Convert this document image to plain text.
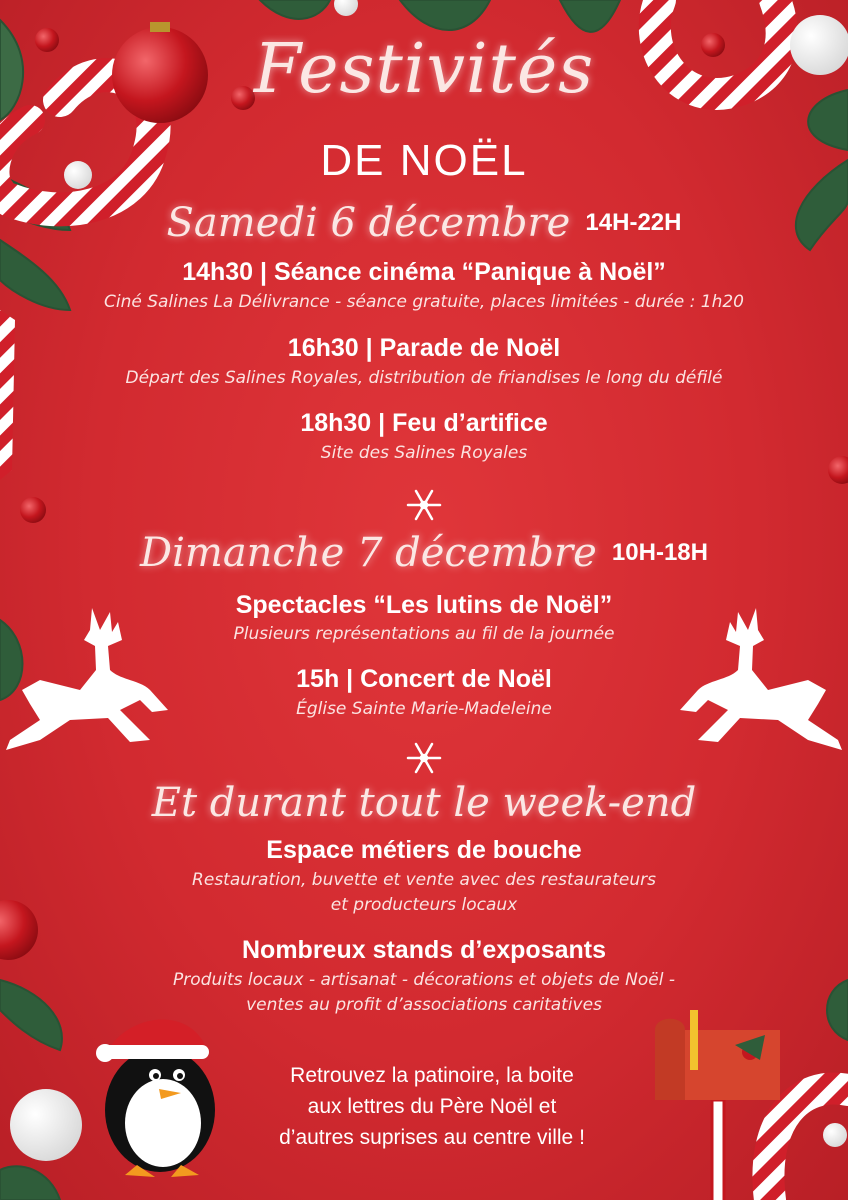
Festivités
DE NOËL
Samedi 6 décembre 14H-22H
14h30 | Séance cinéma “Panique à Noël”
Ciné Salines La Délivrance - séance gratuite, places limitées - durée : 1h20
16h30 | Parade de Noël
Départ des Salines Royales, distribution de friandises le long du défilé
18h30 | Feu d’artifice
Site des Salines Royales
Dimanche 7 décembre 10H-18H
Spectacles “Les lutins de Noël”
Plusieurs représentations au fil de la journée
15h | Concert de Noël
Église Sainte Marie-Madeleine
Et durant tout le week-end
Espace métiers de bouche
Restauration, buvette et vente avec des restaurateurs
et producteurs locaux
Nombreux stands d’exposants
Produits locaux - artisanat - décorations et objets de Noël -
ventes au profit d’associations caritatives
Retrouvez la patinoire, la boite
aux lettres du Père Noël et
d’autres suprises au centre ville !
